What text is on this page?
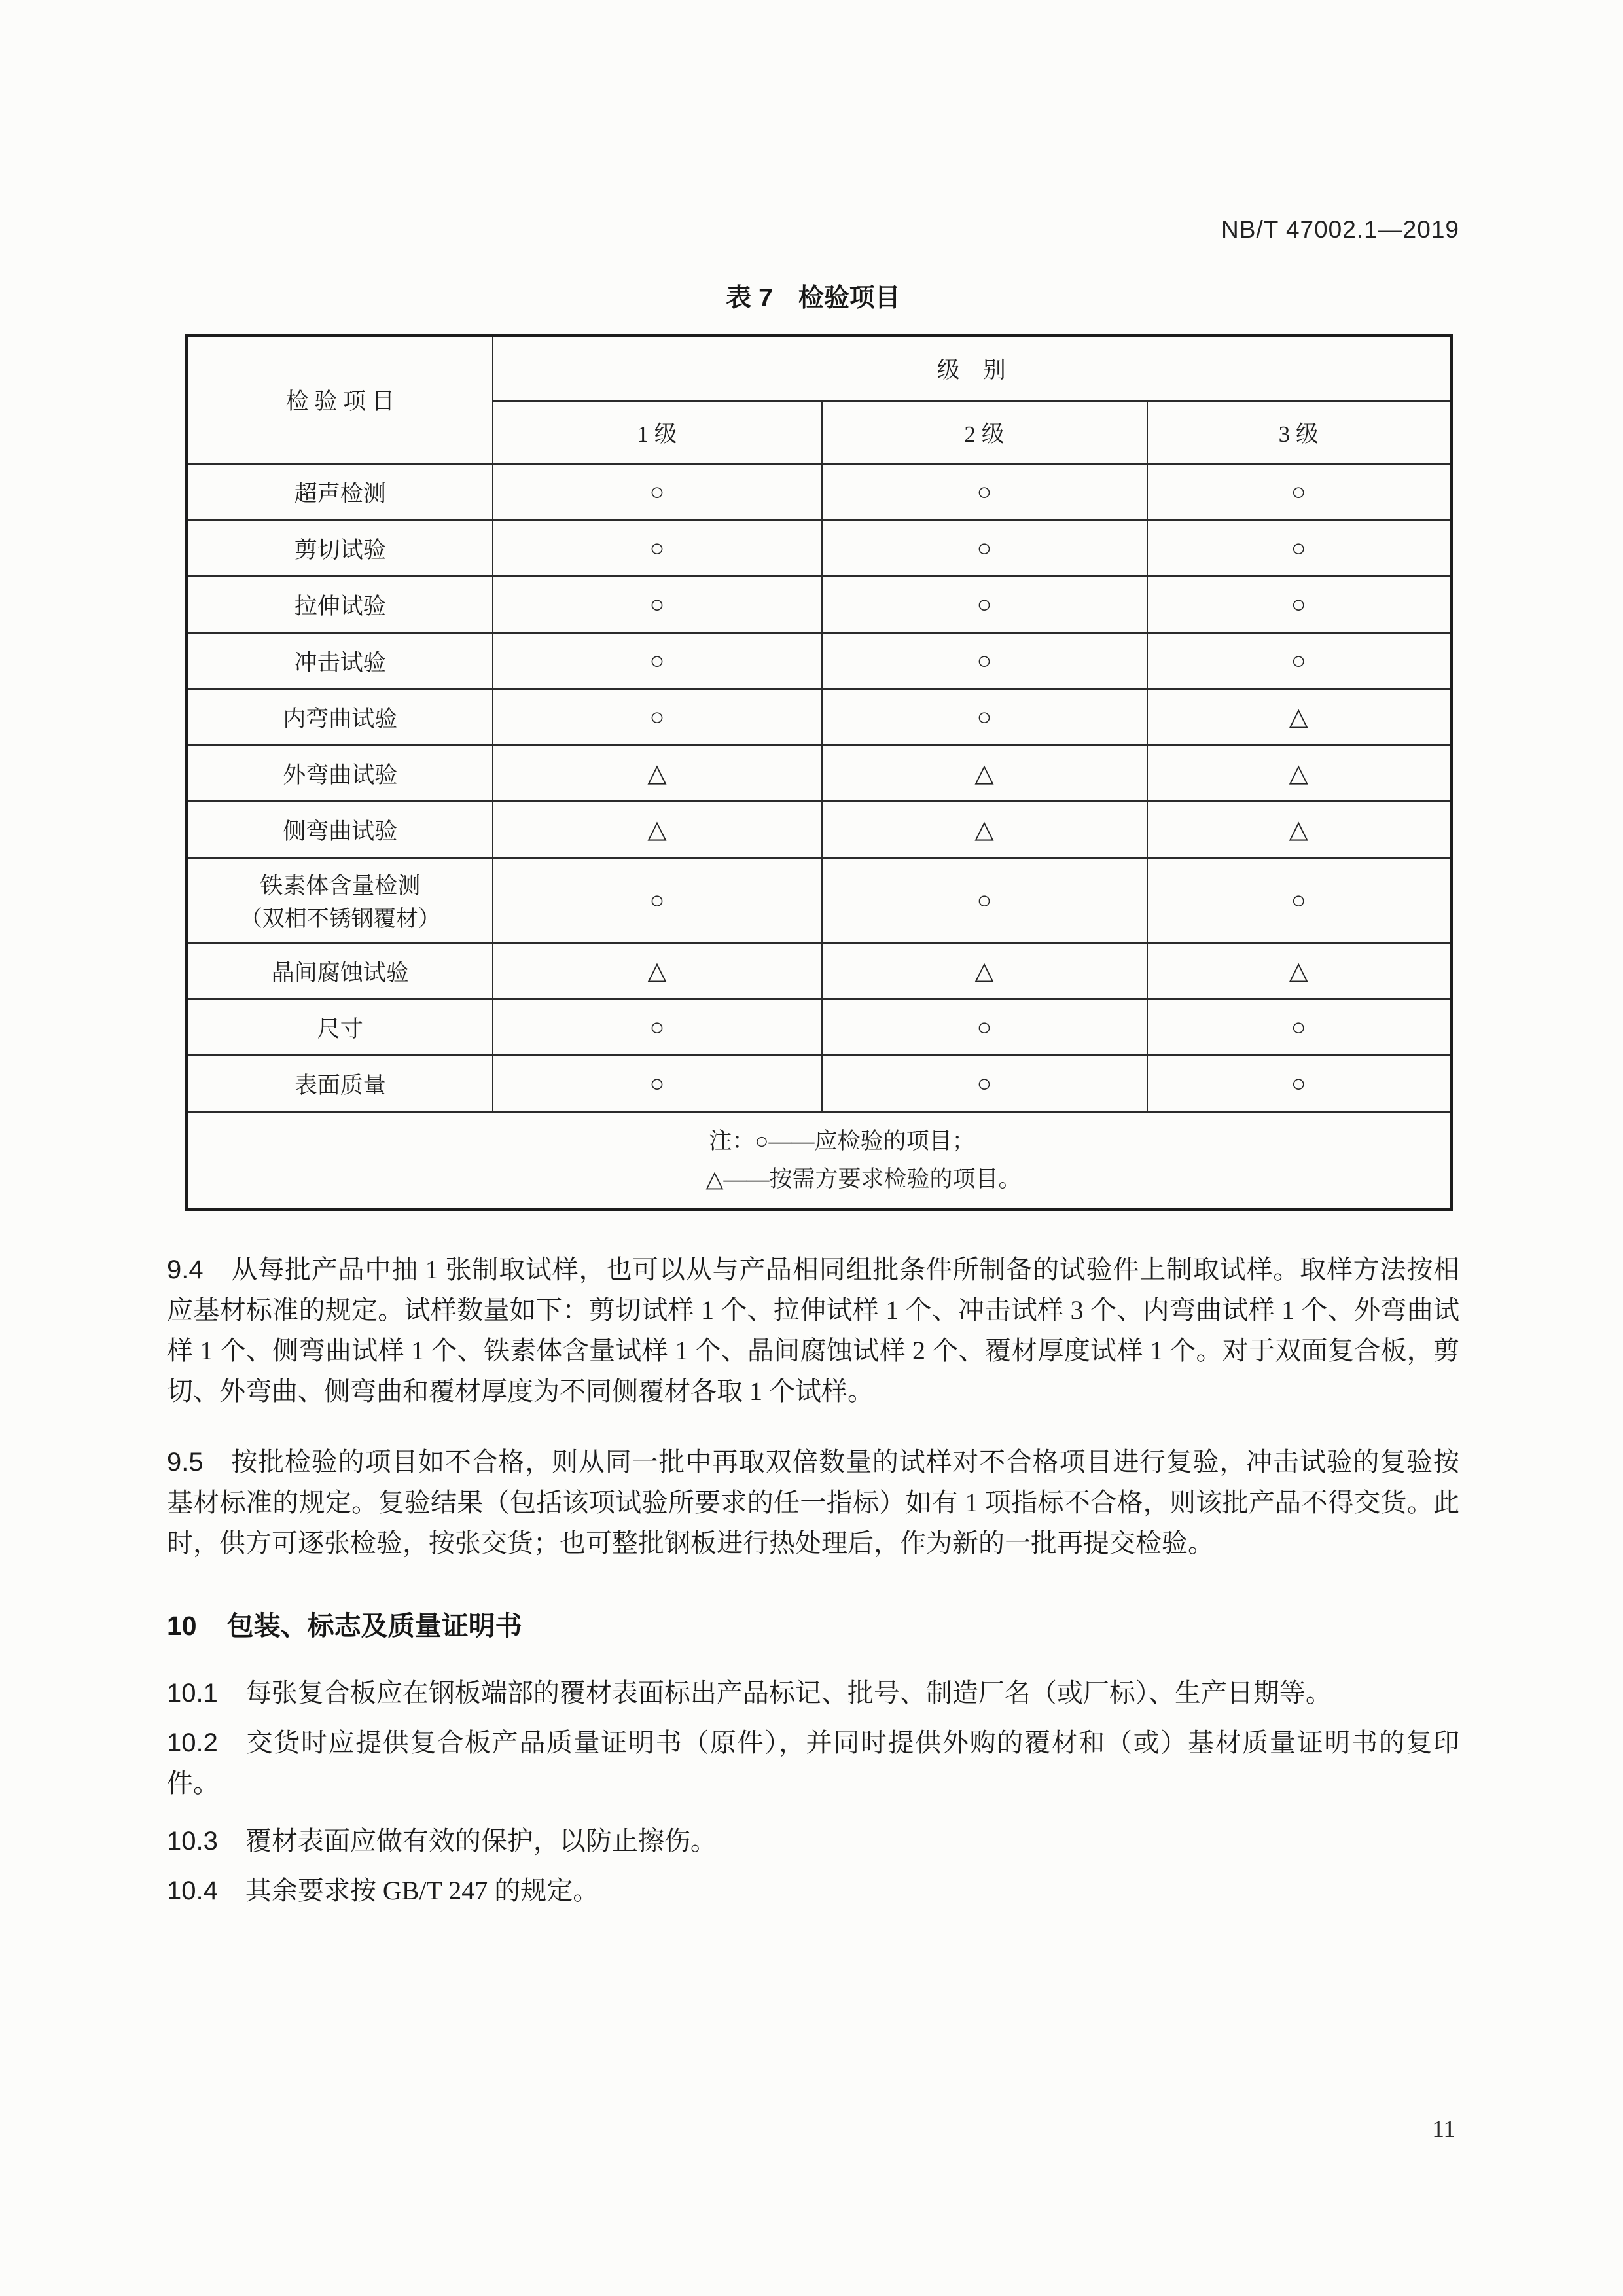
NB/T 47002.1—2019
表 7　检验项目
检 验 项 目	级　别		
	1 级	2 级	3 级
超声检测	○	○	○
剪切试验	○	○	○
拉伸试验	○	○	○
冲击试验	○	○	○
内弯曲试验	○	○	△
外弯曲试验	△	△	△
侧弯曲试验	△	△	△

铁素体含量检测
（双相不锈钢覆材）	○	○	○
晶间腐蚀试验	△	△	△
尺寸	○	○	○
表面质量	○	○	○

注：○——应检验的项目；
△——按需方要求检验的项目。			

9.4 从每批产品中抽 1 张制取试样，也可以从与产品相同组批条件所制备的试验件上制取试样。取样方法按相应基材标准的规定。试样数量如下：剪切试样 1 个、拉伸试样 1 个、冲击试样 3 个、内弯曲试样 1 个、外弯曲试样 1 个、侧弯曲试样 1 个、铁素体含量试样 1 个、晶间腐蚀试样 2 个、覆材厚度试样 1 个。对于双面复合板，剪切、外弯曲、侧弯曲和覆材厚度为不同侧覆材各取 1 个试样。

9.5 按批检验的项目如不合格，则从同一批中再取双倍数量的试样对不合格项目进行复验，冲击试验的复验按基材标准的规定。复验结果（包括该项试验所要求的任一指标）如有 1 项指标不合格，则该批产品不得交货。此时，供方可逐张检验，按张交货；也可整批钢板进行热处理后，作为新的一批再提交检验。

10 包装、标志及质量证明书

10.1 每张复合板应在钢板端部的覆材表面标出产品标记、批号、制造厂名（或厂标）、生产日期等。

10.2 交货时应提供复合板产品质量证明书（原件），并同时提供外购的覆材和（或）基材质量证明书的复印件。

10.3 覆材表面应做有效的保护，以防止擦伤。

10.4 其余要求按 GB/T 247 的规定。

11
